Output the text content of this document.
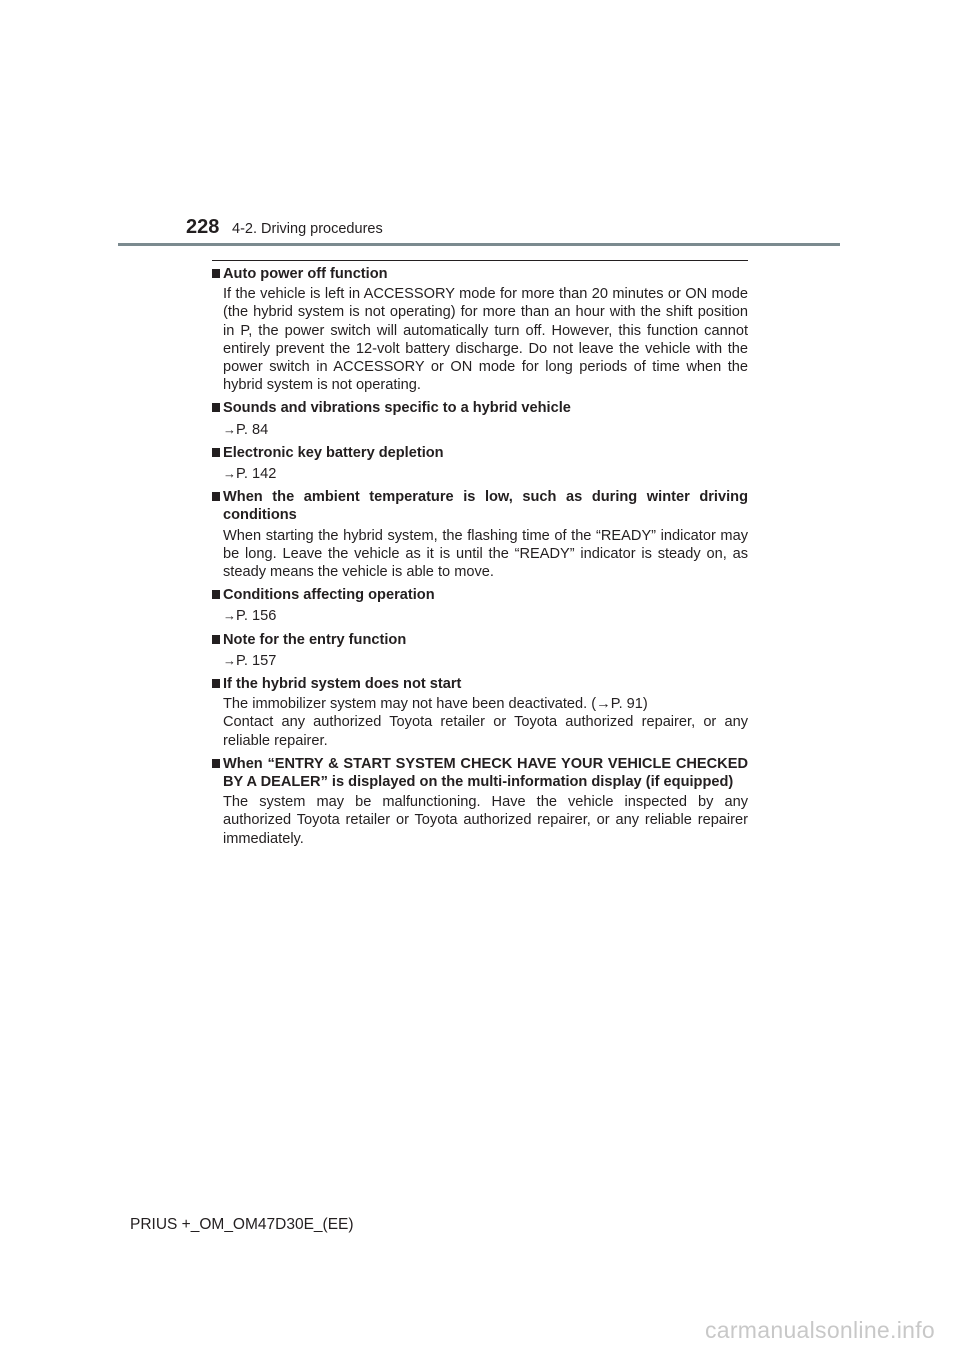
228 4-2. Driving procedures
Auto power off function
If the vehicle is left in ACCESSORY mode for more than 20 minutes or ON mode (the hybrid system is not operating) for more than an hour with the shift position in P, the power switch will automatically turn off. However, this function cannot entirely prevent the 12-volt battery discharge. Do not leave the vehicle with the power switch in ACCESSORY or ON mode for long periods of time when the hybrid system is not operating.
Sounds and vibrations specific to a hybrid vehicle
→P. 84
Electronic key battery depletion
→P. 142
When the ambient temperature is low, such as during winter driving conditions
When starting the hybrid system, the flashing time of the “READY” indicator may be long. Leave the vehicle as it is until the “READY” indicator is steady on, as steady means the vehicle is able to move.
Conditions affecting operation
→P. 156
Note for the entry function
→P. 157
If the hybrid system does not start
The immobilizer system may not have been deactivated. (→P. 91)
Contact any authorized Toyota retailer or Toyota authorized repairer, or any reliable repairer.
When “ENTRY & START SYSTEM CHECK HAVE YOUR VEHICLE CHECKED BY A DEALER” is displayed on the multi-information display (if equipped)
The system may be malfunctioning. Have the vehicle inspected by any authorized Toyota retailer or Toyota authorized repairer, or any reliable repairer immediately.
PRIUS +_OM_OM47D30E_(EE)
carmanualsonline.info
